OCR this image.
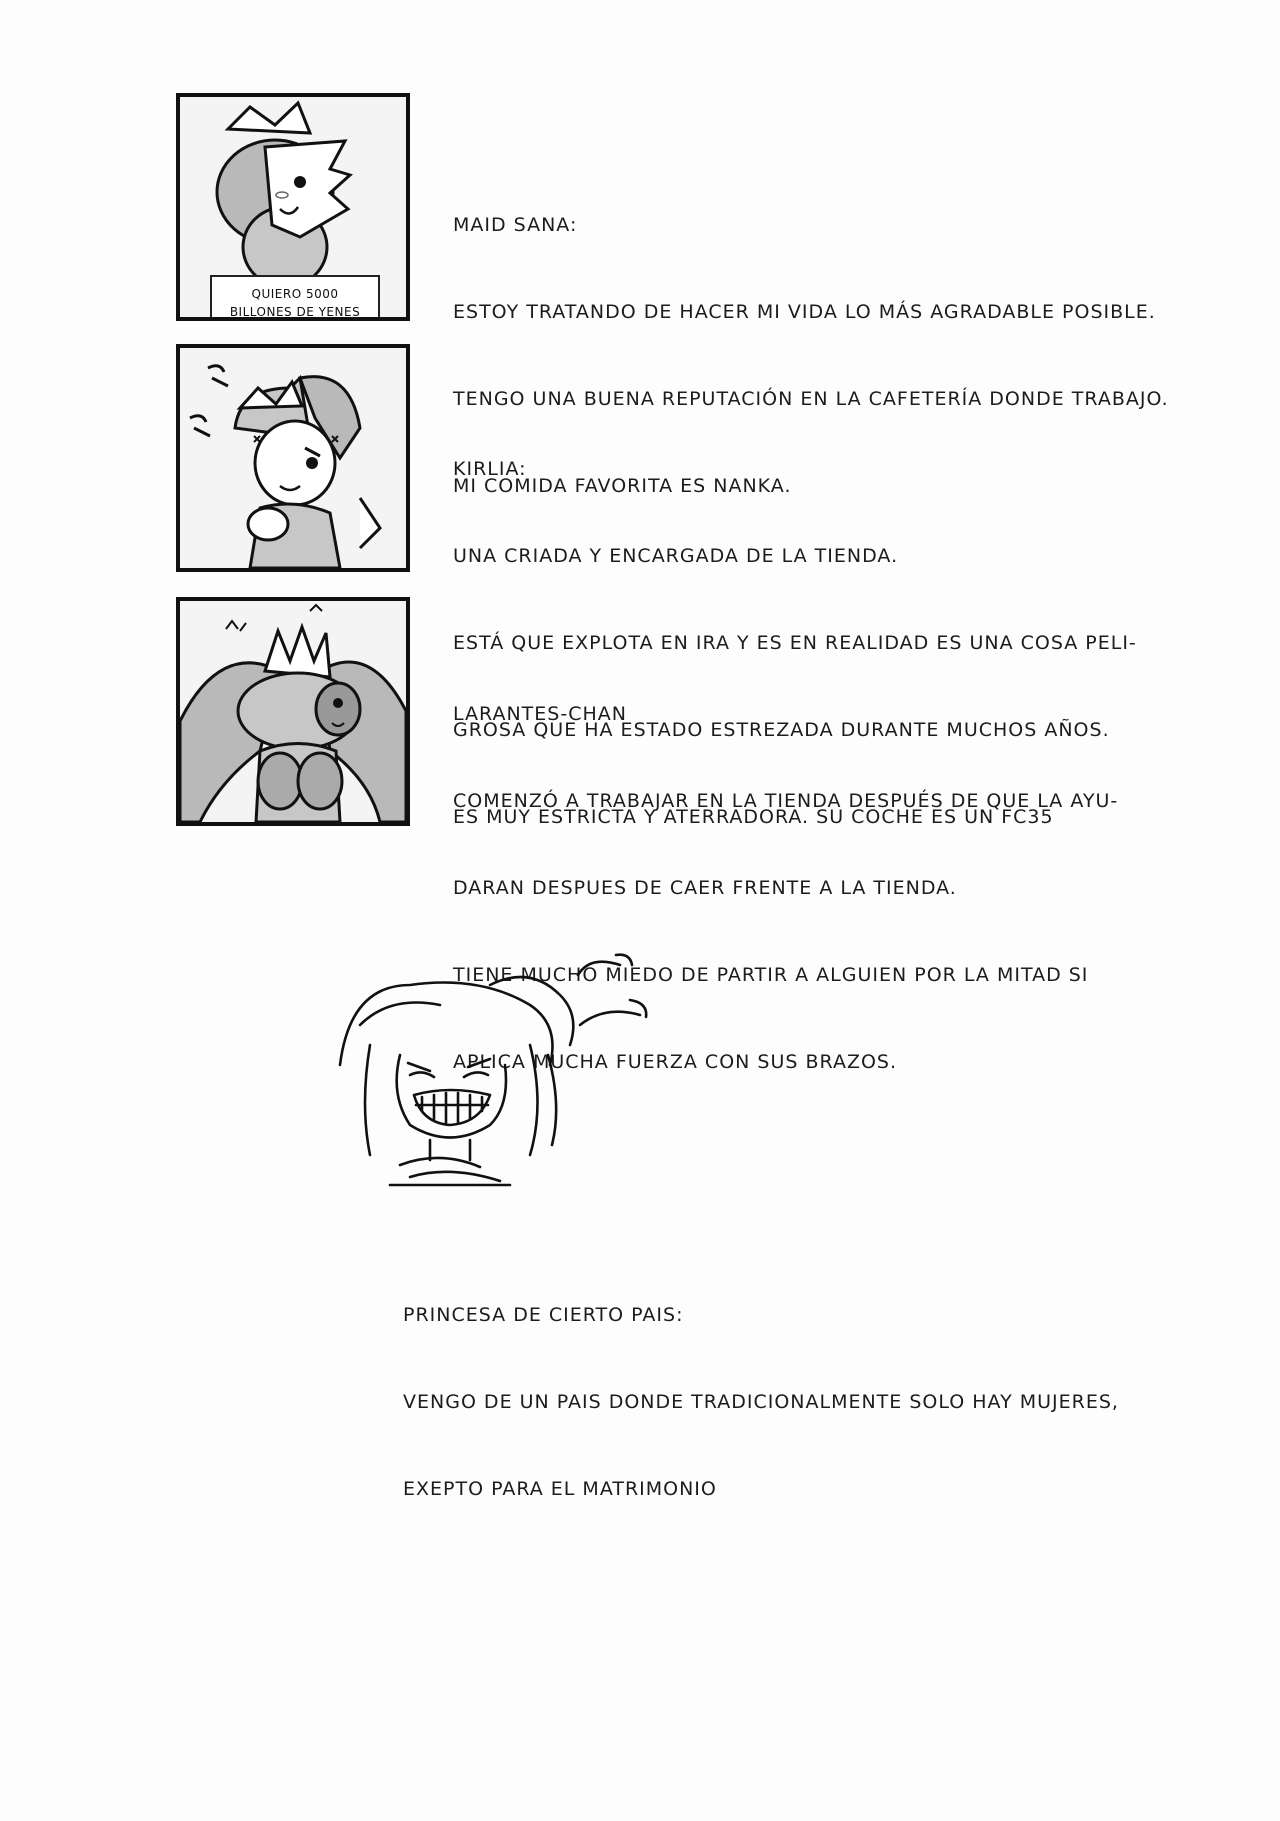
QUIERO 5000
BILLONES DE YENES

MAID SANA:

ESTOY TRATANDO DE HACER MI VIDA LO MÁS AGRADABLE POSIBLE.

TENGO UNA BUENA REPUTACIÓN EN LA CAFETERÍA DONDE TRABAJO.

MI COMIDA FAVORITA ES NANKA.

KIRLIA:

UNA CRIADA Y ENCARGADA DE LA TIENDA.

ESTÁ QUE EXPLOTA EN IRA Y ES EN REALIDAD ES UNA COSA PELI-

GROSA QUE HA ESTADO ESTREZADA DURANTE MUCHOS AÑOS.

ES MUY ESTRICTA Y ATERRADORA. SU COCHE ES UN FC35

LARANTES-CHAN

COMENZÓ A TRABAJAR EN LA TIENDA DESPUÉS DE QUE LA AYU-

DARAN DESPUES DE CAER FRENTE A LA TIENDA.

TIENE MUCHO MIEDO DE PARTIR A ALGUIEN POR LA MITAD SI

APLICA MUCHA FUERZA CON SUS BRAZOS.

PRINCESA DE CIERTO PAIS:

VENGO DE UN PAIS DONDE TRADICIONALMENTE SOLO HAY MUJERES,

EXEPTO PARA EL MATRIMONIO
